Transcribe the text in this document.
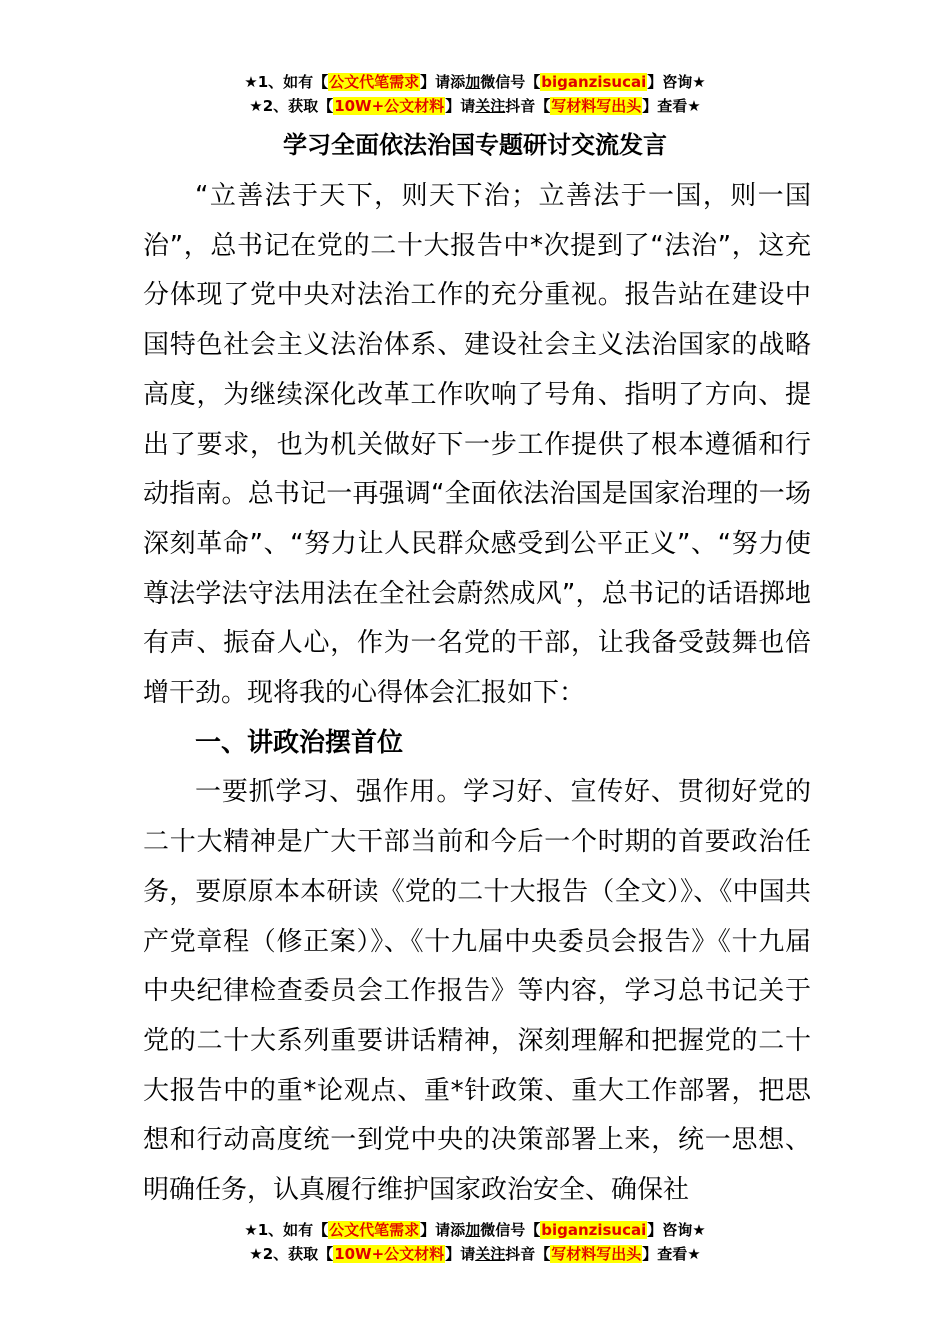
★1、如有【公文代笔需求】请添加微信号【biganzisucai】咨询★
★2、获取【10W+公文材料】请关注抖音【写材料写出头】查看★
学习全面依法治国专题研讨交流发言

“立善法于天下，则天下治；立善法于一国，则一国治”，总书记在党的二十大报告中*次提到了“法治”，这充分体现了党中央对法治工作的充分重视。报告站在建设中国特色社会主义法治体系、建设社会主义法治国家的战略高度，为继续深化改革工作吹响了号角、指明了方向、提出了要求，也为机关做好下一步工作提供了根本遵循和行动指南。总书记一再强调“全面依法治国是国家治理的一场深刻革命”、“努力让人民群众感受到公平正义”、“努力使尊法学法守法用法在全社会蔚然成风”，总书记的话语掷地有声、振奋人心，作为一名党的干部，让我备受鼓舞也倍增干劲。现将我的心得体会汇报如下：

一、讲政治摆首位

一要抓学习、强作用。学习好、宣传好、贯彻好党的二十大精神是广大干部当前和今后一个时期的首要政治任务，要原原本本研读《党的二十大报告（全文）》、《中国共产党章程（修正案）》、《十九届中央委员会报告》《十九届中央纪律检查委员会工作报告》等内容，学习总书记关于党的二十大系列重要讲话精神，深刻理解和把握党的二十大报告中的重*论观点、重*针政策、重大工作部署，把思想和行动高度统一到党中央的决策部署上来，统一思想、明确任务，认真履行维护国家政治安全、确保社

★1、如有【公文代笔需求】请添加微信号【biganzisucai】咨询★
★2、获取【10W+公文材料】请关注抖音【写材料写出头】查看★
